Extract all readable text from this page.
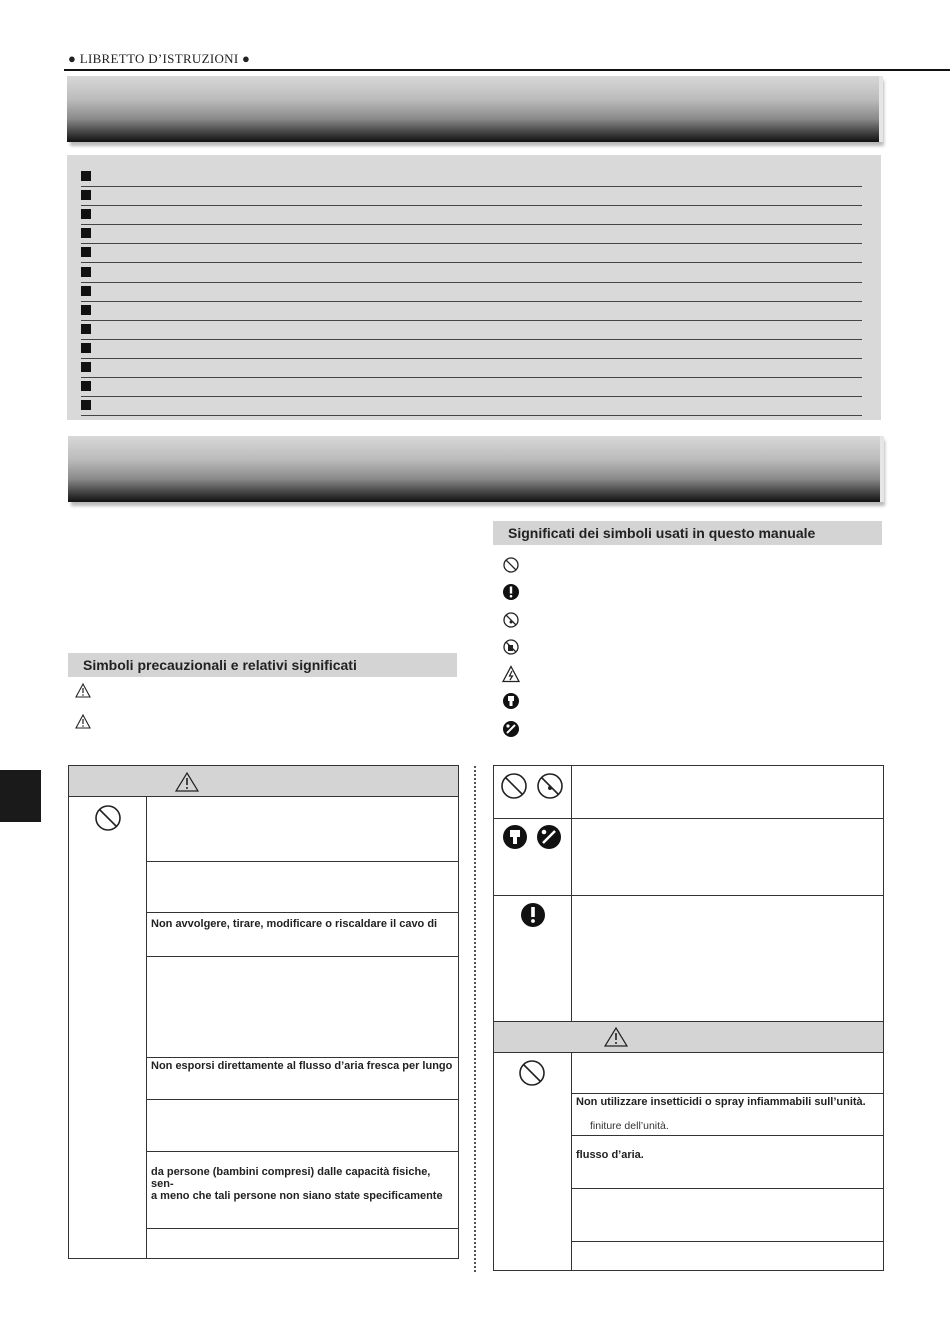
● LIBRETTO D’ISTRUZIONI ●
Significati dei simboli usati in questo manuale
Simboli precauzionali e relativi significati
Non avvolgere, tirare, modificare o riscaldare il cavo di
Non esporsi direttamente al flusso d’aria fresca per lungo
da persone (bambini compresi) dalle capacità fisiche, sen-
a meno che tali persone non siano state specificamente
Non utilizzare insetticidi o spray infiammabili sull’unità.
finiture dell’unità.
flusso d’aria.
